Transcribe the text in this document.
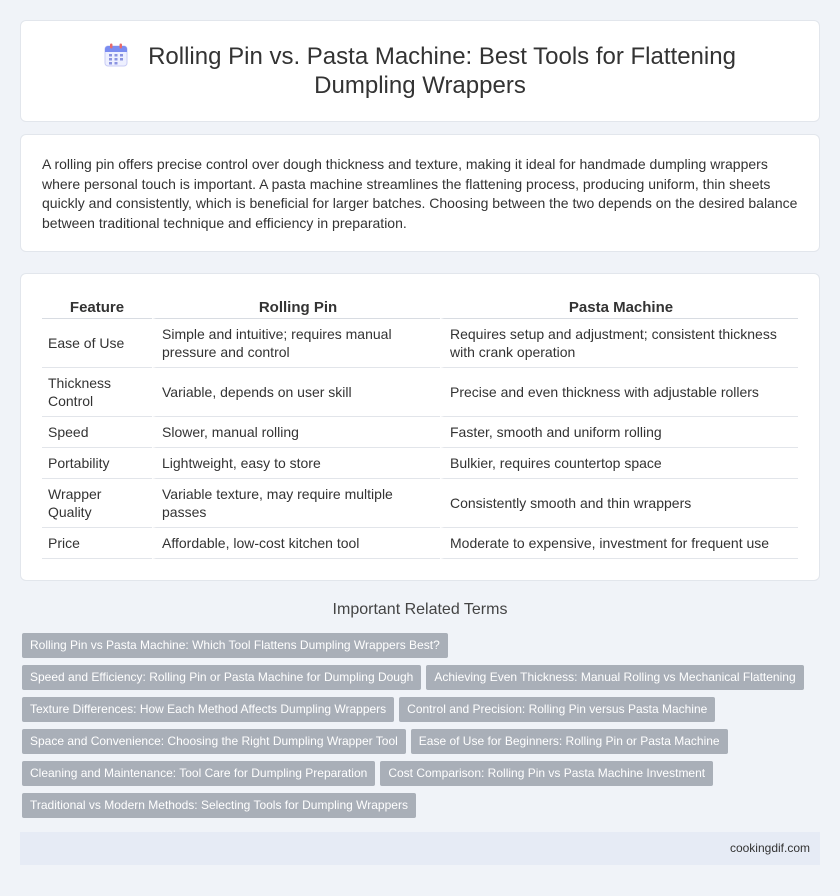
Rolling Pin vs. Pasta Machine: Best Tools for Flattening Dumpling Wrappers

A rolling pin offers precise control over dough thickness and texture, making it ideal for handmade dumpling wrappers where personal touch is important. A pasta machine streamlines the flattening process, producing uniform, thin sheets quickly and consistently, which is beneficial for larger batches. Choosing between the two depends on the desired balance between traditional technique and efficiency in preparation.

Feature	Rolling Pin	Pasta Machine
Ease of Use	Simple and intuitive; requires manual pressure and control	Requires setup and adjustment; consistent thickness with crank operation
Thickness Control	Variable, depends on user skill	Precise and even thickness with adjustable rollers
Speed	Slower, manual rolling	Faster, smooth and uniform rolling
Portability	Lightweight, easy to store	Bulkier, requires countertop space
Wrapper Quality	Variable texture, may require multiple passes	Consistently smooth and thin wrappers
Price	Affordable, low-cost kitchen tool	Moderate to expensive, investment for frequent use
Important Related Terms
Rolling Pin vs Pasta Machine: Which Tool Flattens Dumpling Wrappers Best?
Speed and Efficiency: Rolling Pin or Pasta Machine for Dumpling Dough Achieving Even Thickness: Manual Rolling vs Mechanical Flattening
Texture Differences: How Each Method Affects Dumpling Wrappers Control and Precision: Rolling Pin versus Pasta Machine
Space and Convenience: Choosing the Right Dumpling Wrapper Tool Ease of Use for Beginners: Rolling Pin or Pasta Machine
Cleaning and Maintenance: Tool Care for Dumpling Preparation Cost Comparison: Rolling Pin vs Pasta Machine Investment
Traditional vs Modern Methods: Selecting Tools for Dumpling Wrappers
cookingdif.com
